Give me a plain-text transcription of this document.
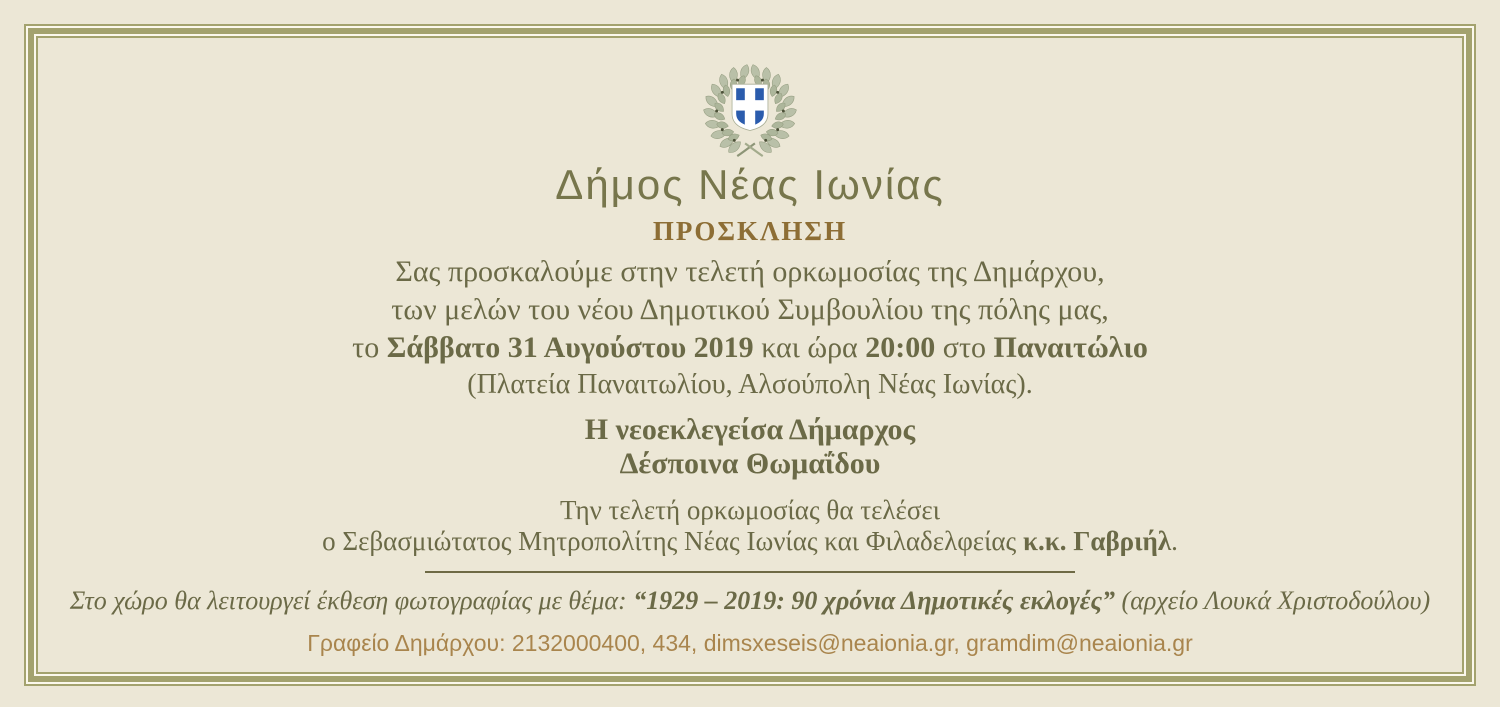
Δήμος Νέας Ιωνίας
ΠΡΟΣΚΛΗΣΗ

Σας προσκαλούμε στην τελετή ορκωμοσίας της Δημάρχου,

των μελών του νέου Δημοτικού Συμβουλίου της πόλης μας,

το Σάββατο 31 Αυγούστου 2019 και ώρα 20:00 στο Παναιτώλιο

(Πλατεία Παναιτωλίου, Αλσούπολη Νέας Ιωνίας).

Η νεοεκλεγείσα Δήμαρχος

Δέσποινα Θωμαΐδου

Την τελετή ορκωμοσίας θα τελέσει

ο Σεβασμιώτατος Μητροπολίτης Νέας Ιωνίας και Φιλαδελφείας κ.κ. Γαβριήλ.

Στο χώρο θα λειτουργεί έκθεση φωτογραφίας με θέμα: “1929 – 2019: 90 χρόνια Δημοτικές εκλογές” (αρχείο Λουκά Χριστοδούλου)

Γραφείο Δημάρχου: 2132000400, 434, dimsxeseis@neaionia.gr, gramdim@neaionia.gr
